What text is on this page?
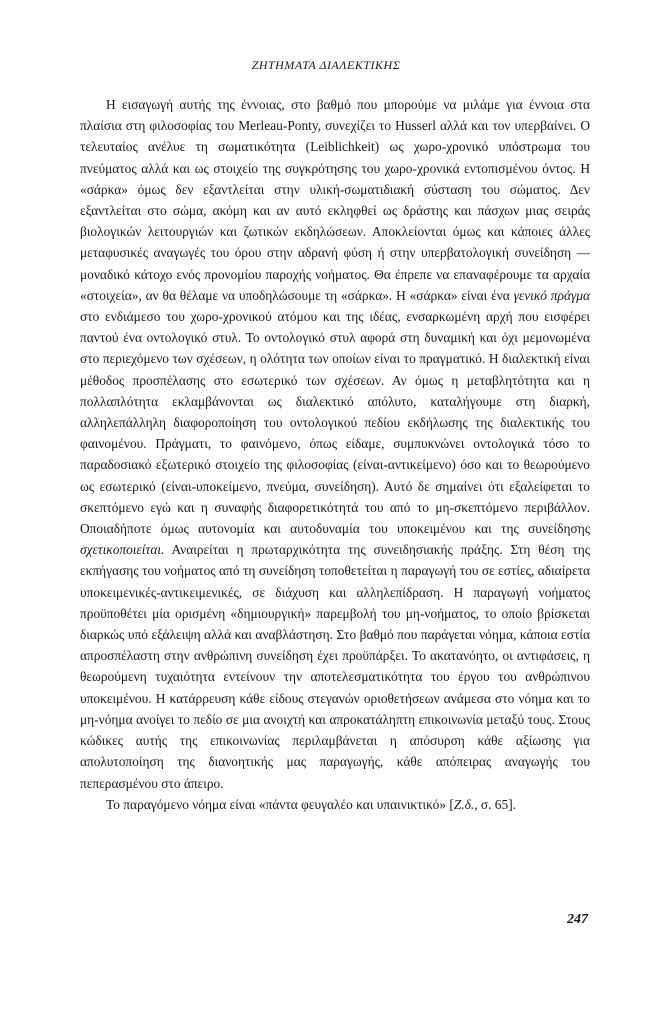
ΖΗΤΗΜΑΤΑ ΔΙΑΛΕΚΤΙΚΗΣ

Η εισαγωγή αυτής της έννοιας, στο βαθμό που μπορούμε να μιλάμε για έννοια στα πλαίσια στη φιλοσοφίας του Merleau-Ponty, συνεχίζει το Husserl αλλά και τον υπερβαίνει. Ο τελευταίος ανέλυε τη σωματικότητα (Leiblichkeit) ως χωρο-χρονικό υπόστρωμα του πνεύματος αλλά και ως στοιχείο της συγκρότησης του χωρο-χρονικά εντοπισμένου όντος. Η «σάρκα» όμως δεν εξαντλείται στην υλική-σωματιδιακή σύσταση του σώματος. Δεν εξαντλείται στο σώμα, ακόμη και αν αυτό εκληφθεί ως δράστης και πάσχων μιας σειράς βιολογικών λειτουργιών και ζωτικών εκδηλώσεων. Αποκλείονται όμως και κάποιες άλλες μεταφυσικές αναγωγές του όρου στην αδρανή φύση ή στην υπερβατολογική συνείδηση —μοναδικό κάτοχο ενός προνομίου παροχής νοήματος. Θα έπρεπε να επαναφέρουμε τα αρχαία «στοιχεία», αν θα θέλαμε να υποδηλώσουμε τη «σάρκα». Η «σάρκα» είναι ένα γενικό πράγμα στο ενδιάμεσο του χωρο-χρονικού ατόμου και της ιδέας, ενσαρκωμένη αρχή που εισφέρει παντού ένα οντολογικό στυλ. Το οντολογικό στυλ αφορά στη δυναμική και όχι μεμονωμένα στο περιεχόμενο των σχέσεων, η ολότητα των οποίων είναι το πραγματικό. Η διαλεκτική είναι μέθοδος προσπέλασης στο εσωτερικό των σχέσεων. Αν όμως η μεταβλητότητα και η πολλαπλότητα εκλαμβάνονται ως διαλεκτικό απόλυτο, καταλήγουμε στη διαρκή, αλληλεπάλληλη διαφοροποίηση του οντολογικού πεδίου εκδήλωσης της διαλεκτικής του φαινομένου. Πράγματι, το φαινόμενο, όπως είδαμε, συμπυκνώνει οντολογικά τόσο το παραδοσιακό εξωτερικό στοιχείο της φιλοσοφίας (είναι-αντικείμενο) όσο και το θεωρούμενο ως εσωτερικό (είναι-υποκείμενο, πνεύμα, συνείδηση). Αυτό δε σημαίνει ότι εξαλείφεται το σκεπτόμενο εγώ και η συναφής διαφορετικότητά του από το μη-σκεπτόμενο περιβάλλον. Οποιαδήποτε όμως αυτονομία και αυτοδυναμία του υποκειμένου και της συνείδησης σχετικοποιείται. Αναιρείται η πρωταρχικότητα της συνειδησιακής πράξης. Στη θέση της εκπήγασης του νοήματος από τη συνείδηση τοποθετείται η παραγωγή του σε εστίες, αδιαίρετα υποκειμενικές-αντικειμενικές, σε διάχυση και αλληλεπίδραση. Η παραγωγή νοήματος προϋποθέτει μία ορισμένη «δημιουργική» παρεμβολή του μη-νοήματος, το οποίο βρίσκεται διαρκώς υπό εξάλειψη αλλά και αναβλάστηση. Στο βαθμό που παράγεται νόημα, κάποια εστία απροσπέλαστη στην ανθρώπινη συνείδηση έχει προϋπάρξει. Το ακατανόητο, οι αντιφάσεις, η θεωρούμενη τυχαιότητα εντείνουν την αποτελεσματικότητα του έργου του ανθρώπινου υποκειμένου. Η κατάρρευση κάθε είδους στεγανών οριοθετήσεων ανάμεσα στο νόημα και το μη-νόημα ανοίγει το πεδίο σε μια ανοιχτή και απροκατάληπτη επικοινωνία μεταξύ τους. Στους κώδικες αυτής της επικοινωνίας περιλαμβάνεται η απόσυρση κάθε αξίωσης για απολυτοποίηση της διανοητικής μας παραγωγής, κάθε απόπειρας αναγωγής του πεπερασμένου στο άπειρο.

Το παραγόμενο νόημα είναι «πάντα φευγαλέο και υπαινικτικό» [Ζ.δ., σ. 65].

247
